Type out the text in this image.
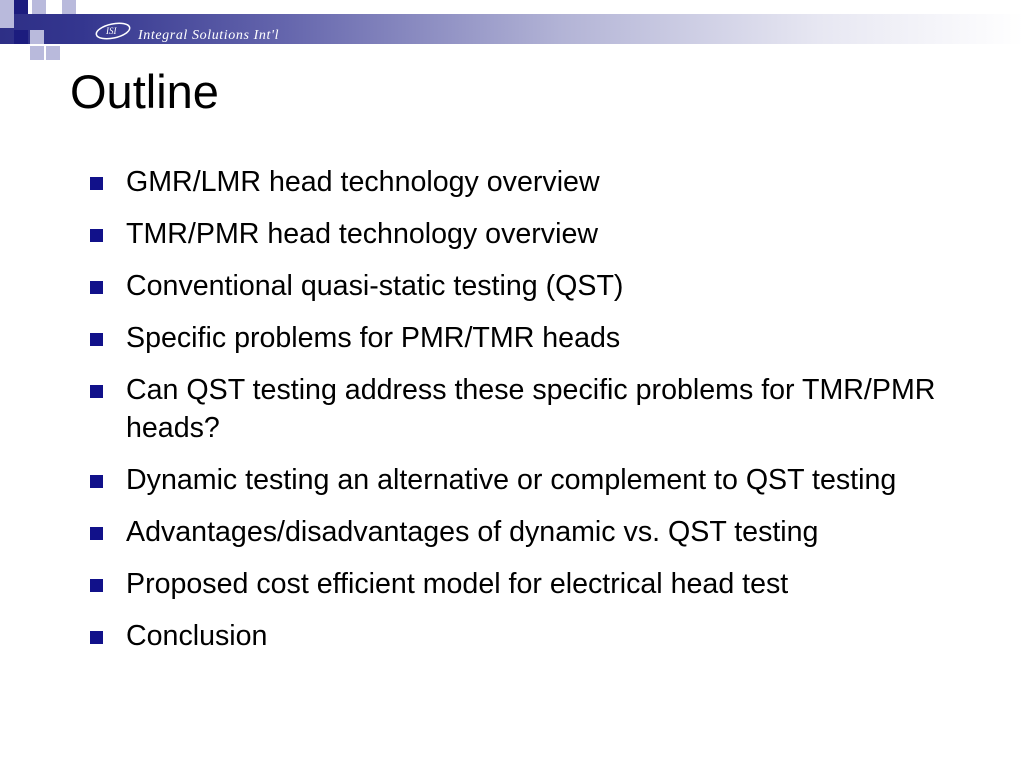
ISI Integral Solutions Int'l
Outline
GMR/LMR head technology overview
TMR/PMR head technology overview
Conventional quasi-static testing (QST)
Specific problems for PMR/TMR heads
Can QST testing address these specific problems for TMR/PMR heads?
Dynamic testing an alternative or complement to QST testing
Advantages/disadvantages of dynamic vs. QST testing
Proposed cost efficient model for electrical head test
Conclusion
